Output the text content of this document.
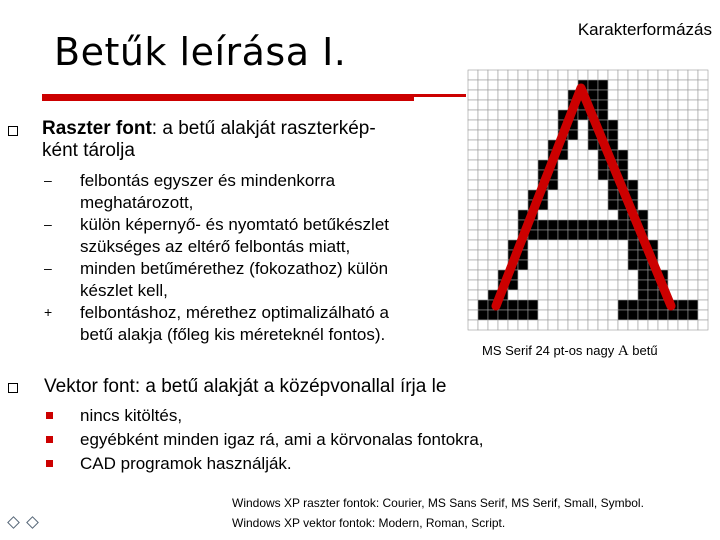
Betűk leírása I.
Karakterformázás
Raszter font: a betű alakját raszterkép-
ként tárolja
– felbontás egyszer és mindenkorra
meghatározott,
– külön képernyő- és nyomtató betűkészlet
szükséges az eltérő felbontás miatt,
– minden betűmérethez (fokozathoz) külön
készlet kell,
+ felbontáshoz, mérethez optimalizálható a
betű alakja (főleg kis méreteknél fontos).
MS Serif 24 pt-os nagy A betű
Vektor font: a betű alakját a középvonallal írja le
nincs kitöltés,
egyébként minden igaz rá, ami a körvonalas fontokra,
CAD programok használják.
Windows XP raszter fontok: Courier, MS Sans Serif, MS Serif, Small, Symbol.
Windows XP vektor fontok: Modern, Roman, Script.
